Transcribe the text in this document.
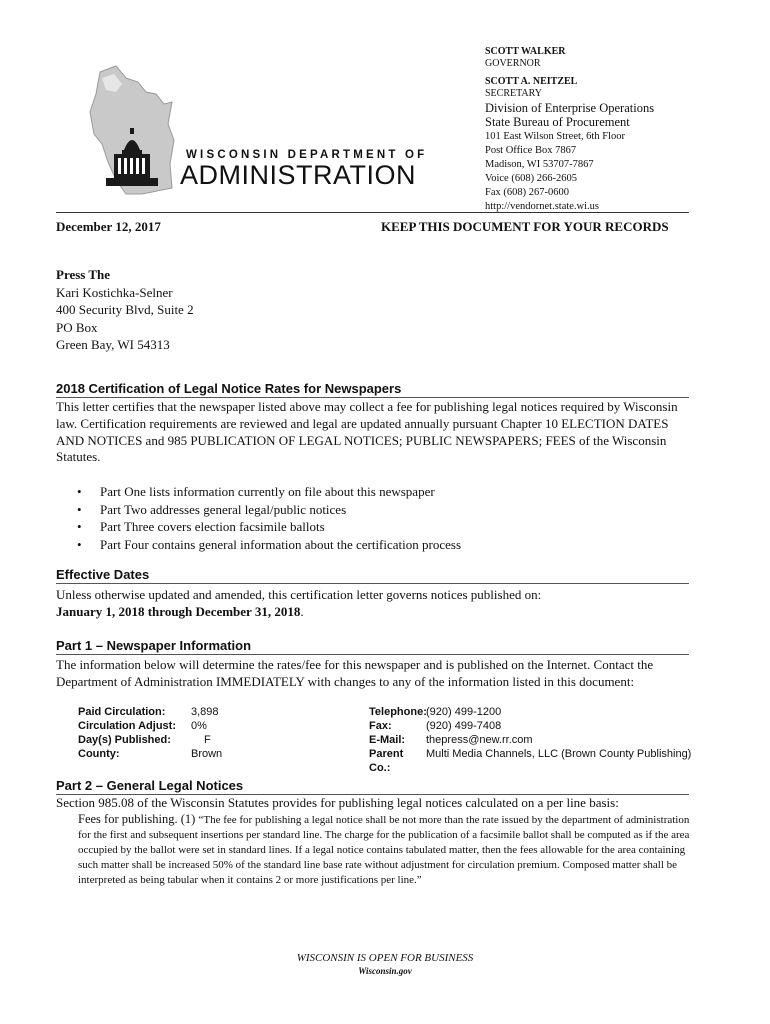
WISCONSIN DEPARTMENT OF
ADMINISTRATION
SCOTT WALKER
GOVERNOR
SCOTT A. NEITZEL
SECRETARY
Division of Enterprise Operations
State Bureau of Procurement
101 East Wilson Street, 6th Floor
Post Office Box 7867
Madison, WI 53707-7867
Voice (608) 266-2605
Fax (608) 267-0600
http://vendornet.state.wi.us
December 12, 2017	KEEP THIS DOCUMENT FOR YOUR RECORDS
Press The
Kari Kostichka-Selner
400 Security Blvd, Suite 2
PO Box
Green Bay, WI 54313
2018 Certification of Legal Notice Rates for Newspapers
This letter certifies that the newspaper listed above may collect a fee for publishing legal notices required by Wisconsin law. Certification requirements are reviewed and legal are updated annually pursuant Chapter 10 ELECTION DATES AND NOTICES and 985 PUBLICATION OF LEGAL NOTICES; PUBLIC NEWSPAPERS; FEES of the Wisconsin Statutes.
• Part One lists information currently on file about this newspaper
• Part Two addresses general legal/public notices
• Part Three covers election facsimile ballots
• Part Four contains general information about the certification process
Effective Dates
Unless otherwise updated and amended, this certification letter governs notices published on:
January 1, 2018 through December 31, 2018.
Part 1 – Newspaper Information
The information below will determine the rates/fee for this newspaper and is published on the Internet. Contact the Department of Administration IMMEDIATELY with changes to any of the information listed in this document:
Paid Circulation:	3,898
Circulation Adjust:	0%
Day(s) Published:	F
County:	Brown
Telephone: (920) 499-1200
Fax:	(920) 499-7408
E-Mail:	thepress@new.rr.com
Parent Co.:
Multi Media Channels, LLC (Brown County Publishing)
Part 2 – General Legal Notices
Section 985.08 of the Wisconsin Statutes provides for publishing legal notices calculated on a per line basis:
Fees for publishing. (1) “The fee for publishing a legal notice shall be not more than the rate issued by the department of administration for the first and subsequent insertions per standard line. The charge for the publication of a facsimile ballot shall be computed as if the area occupied by the ballot were set in standard lines. If a legal notice contains tabulated matter, then the fees allowable for the area containing such matter shall be increased 50% of the standard line base rate without adjustment for circulation premium. Composed matter shall be interpreted as being tabular when it contains 2 or more justifications per line.”
WISCONSIN IS OPEN FOR BUSINESS
Wisconsin.gov
